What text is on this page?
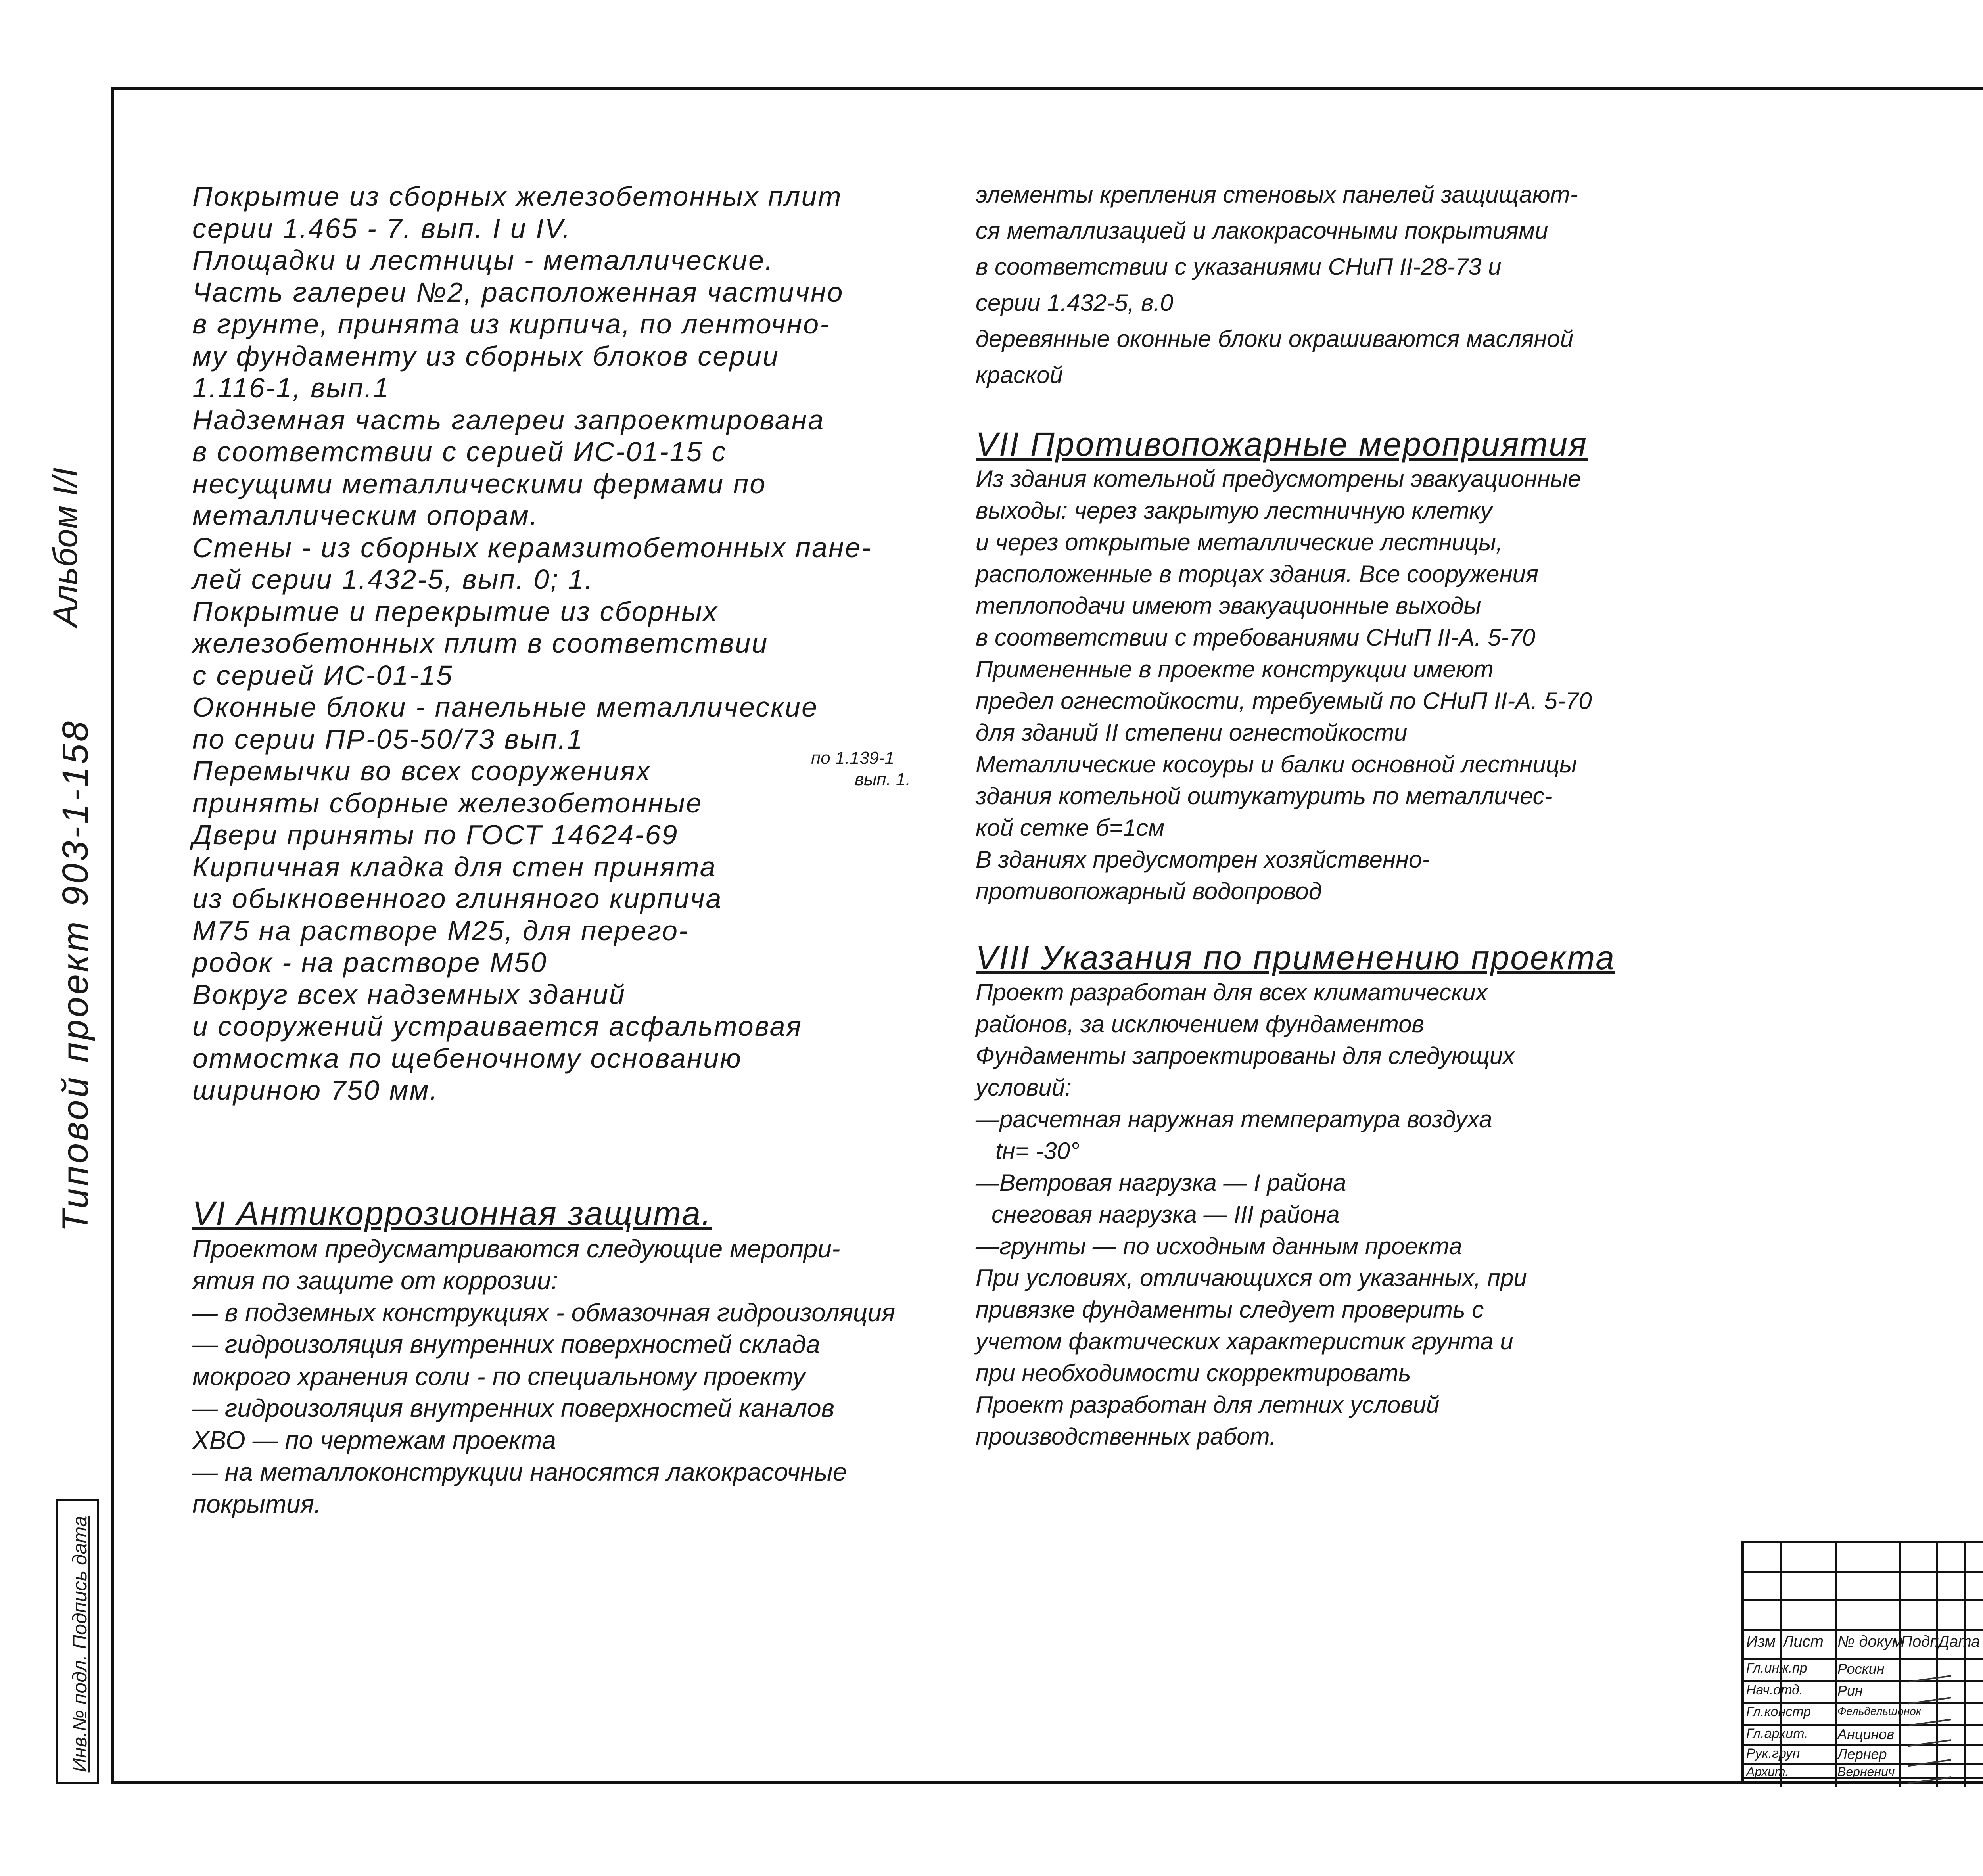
Альбом I/I
Типовой проект 903-1-158
Инв.№ подл. Подпись дата

Покрытие из сборных железобетонных плит

серии 1.465 - 7. вып. I и IV.

Площадки и лестницы - металлические.

Часть галереи №2, расположенная частично

в грунте, принята из кирпича, по ленточно-

му фундаменту из сборных блоков серии

1.116-1, вып.1

Надземная часть галереи запроектирована

в соответствии с серией ИС-01-15 с

несущими металлическими фермами по

металлическим опорам.

Стены - из сборных керамзитобетонных пане-

лей серии 1.432-5, вып. 0; 1.

Покрытие и перекрытие из сборных

железобетонных плит в соответствии

с серией ИС-01-15

Оконные блоки - панельные металлические

по серии ПР-05-50/73 вып.1

Перемычки во всех сооружениях

приняты сборные железобетонные

Двери приняты по ГОСТ 14624-69

Кирпичная кладка для стен принята

из обыкновенного глиняного кирпича

М75 на растворе М25, для перего-

родок - на растворе М50

Вокруг всех надземных зданий

и сооружений устраивается асфальтовая

отмостка по щебеночному основанию

шириною 750 мм.

по 1.139-1
вып. 1.
VI Антикоррозионная защита.

Проектом предусматриваются следующие меропри-

ятия по защите от коррозии:

— в подземных конструкциях - обмазочная гидроизоляция

— гидроизоляция внутренних поверхностей склада

мокрого хранения соли - по специальному проекту

— гидроизоляция внутренних поверхностей каналов

ХВО — по чертежам проекта

— на металлоконструкции наносятся лакокрасочные

покрытия.

элементы крепления стеновых панелей защищают-

ся металлизацией и лакокрасочными покрытиями

в соответствии с указаниями СНиП II-28-73 и

серии 1.432-5, в.0

деревянные оконные блоки окрашиваются масляной

краской

VII Противопожарные мероприятия

Из здания котельной предусмотрены эвакуационные

выходы: через закрытую лестничную клетку

и через открытые металлические лестницы,

расположенные в торцах здания. Все сооружения

теплоподачи имеют эвакуационные выходы

в соответствии с требованиями СНиП II-А. 5-70

Примененные в проекте конструкции имеют

предел огнестойкости, требуемый по СНиП II-А. 5-70

для зданий II степени огнестойкости

Металлические косоуры и балки основной лестницы

здания котельной оштукатурить по металличес-

кой сетке б=1см

В зданиях предусмотрен хозяйственно-

противопожарный водопровод

VIII Указания по применению проекта

Проект разработан для всех климатических

районов, за исключением фундаментов

Фундаменты запроектированы для следующих

условий:

—расчетная наружная температура воздуха

tн= -30°

—Ветровая нагрузка — I района

снеговая нагрузка — III района

—грунты — по исходным данным проекта

При условиях, отличающихся от указанных, при

привязке фундаменты следует проверить с

учетом фактических характеристик грунта и

при необходимости скорректировать

Проект разработан для летних условий

производственных работ.

Изм Лист № докум
Подп.
Дата
Гл.инж.пр Роскин
Нач.отд. Рин
Гл.констр Фельдельшонок
Гл.архит. Анцинов
Рук.груп	Лернер
Архит.	Верненич
